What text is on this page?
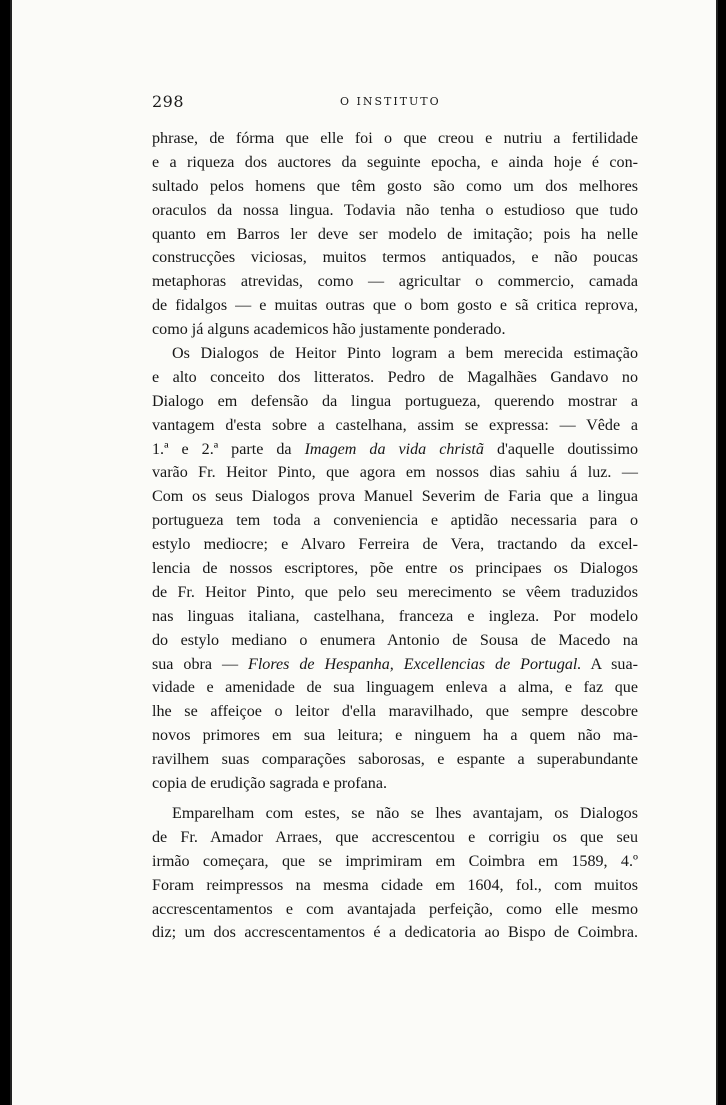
298	O INSTITUTO
phrase, de fórma que elle foi o que creou e nutriu a fertilidade
e a riqueza dos auctores da seguinte epocha, e ainda hoje é con-
sultado pelos homens que têm gosto são como um dos melhores
oraculos da nossa lingua. Todavia não tenha o estudioso que tudo
quanto em Barros ler deve ser modelo de imitação; pois ha nelle
construcções viciosas, muitos termos antiquados, e não poucas
metaphoras atrevidas, como — agricultar o commercio, camada
de fidalgos — e muitas outras que o bom gosto e sã critica reprova,
como já alguns academicos hão justamente ponderado.
Os Dialogos de Heitor Pinto logram a bem merecida estimação
e alto conceito dos litteratos. Pedro de Magalhães Gandavo no
Dialogo em defensão da lingua portugueza, querendo mostrar a
vantagem d'esta sobre a castelhana, assim se expressa: — Vêde a
1.ª e 2.ª parte da Imagem da vida christã d'aquelle doutissimo
varão Fr. Heitor Pinto, que agora em nossos dias sahiu á luz. —
Com os seus Dialogos prova Manuel Severim de Faria que a lingua
portugueza tem toda a conveniencia e aptidão necessaria para o
estylo mediocre; e Alvaro Ferreira de Vera, tractando da excel-
lencia de nossos escriptores, põe entre os principaes os Dialogos
de Fr. Heitor Pinto, que pelo seu merecimento se vêem traduzidos
nas linguas italiana, castelhana, franceza e ingleza. Por modelo
do estylo mediano o enumera Antonio de Sousa de Macedo na
sua obra — Flores de Hespanha, Excellencias de Portugal. A sua-
vidade e amenidade de sua linguagem enleva a alma, e faz que
lhe se affeiçoe o leitor d'ella maravilhado, que sempre descobre
novos primores em sua leitura; e ninguem ha a quem não ma-
ravilhem suas comparações saborosas, e espante a superabundante
copia de erudição sagrada e profana.
Emparelham com estes, se não se lhes avantajam, os Dialogos
de Fr. Amador Arraes, que accrescentou e corrigiu os que seu
irmão começara, que se imprimiram em Coimbra em 1589, 4.º
Foram reimpressos na mesma cidade em 1604, fol., com muitos
accrescentamentos e com avantajada perfeição, como elle mesmo
diz; um dos accrescentamentos é a dedicatoria ao Bispo de Coimbra.
